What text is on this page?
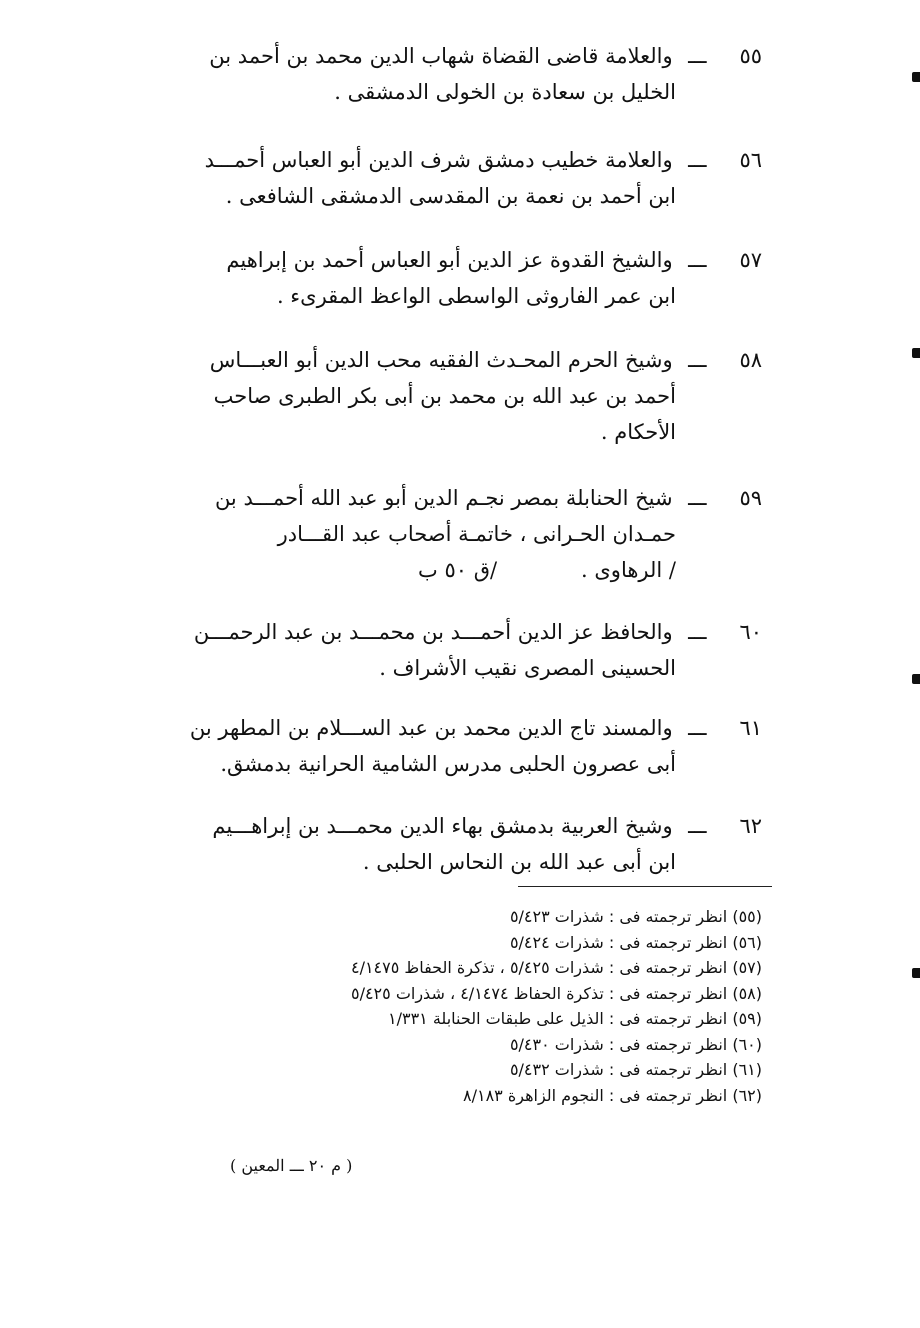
٥٥ ـــ والعلامة قاضى القضاة شهاب الدين محمد بن أحمد بن
الخليل بن سعادة بن الخولى الدمشقى .
٥٦ ـــ والعلامة خطيب دمشق شرف الدين أبو العباس أحمـــد
ابن أحمد بن نعمة بن المقدسى الدمشقى الشافعى .
٥٧ ـــ والشيخ القدوة عز الدين أبو العباس أحمد بن إبراهيم
ابن عمر الفاروثى الواسطى الواعظ المقرىء .
٥٨ ـــ وشيخ الحرم المحـدث الفقيه محب الدين أبو العبـــاس
أحمد بن عبد الله بن محمد بن أبى بكر الطبرى صاحب
الأحكام .
٥٩ ـــ شيخ الحنابلة بمصر نجـم الدين أبو عبد الله أحمـــد بن
حمـدان الحـرانى ، خاتمـة أصحاب عبد القـــادر
/ الرهاوى .
/ق ٥٠ ب
٦٠ ـــ والحافظ عز الدين أحمـــد بن محمـــد بن عبد الرحمـــن
الحسينى المصرى نقيب الأشراف .
٦١ ـــ والمسند تاج الدين محمد بن عبد الســـلام بن المطهر بن
أبى عصرون الحلبى مدرس الشامية الحرانية بدمشق.
٦٢ ـــ وشيخ العربية بدمشق بهاء الدين محمـــد بن إبراهـــيم
ابن أبى عبد الله بن النحاس الحلبى .
(٥٥) انظر ترجمته فى : شذرات ٥/٤٢٣
(٥٦) انظر ترجمته فى : شذرات ٥/٤٢٤
(٥٧) انظر ترجمته فى : شذرات ٥/٤٢٥ ، تذكرة الحفاظ ٤/١٤٧٥
(٥٨) انظر ترجمته فى : تذكرة الحفاظ ٤/١٤٧٤ ، شذرات ٥/٤٢٥
(٥٩) انظر ترجمته فى : الذيل على طبقات الحنابلة ١/٣٣١
(٦٠) انظر ترجمته فى : شذرات ٥/٤٣٠
(٦١) انظر ترجمته فى : شذرات ٥/٤٣٢
(٦٢) انظر ترجمته فى : النجوم الزاهرة ٨/١٨٣
( م ٢٠ ـــ المعين )
